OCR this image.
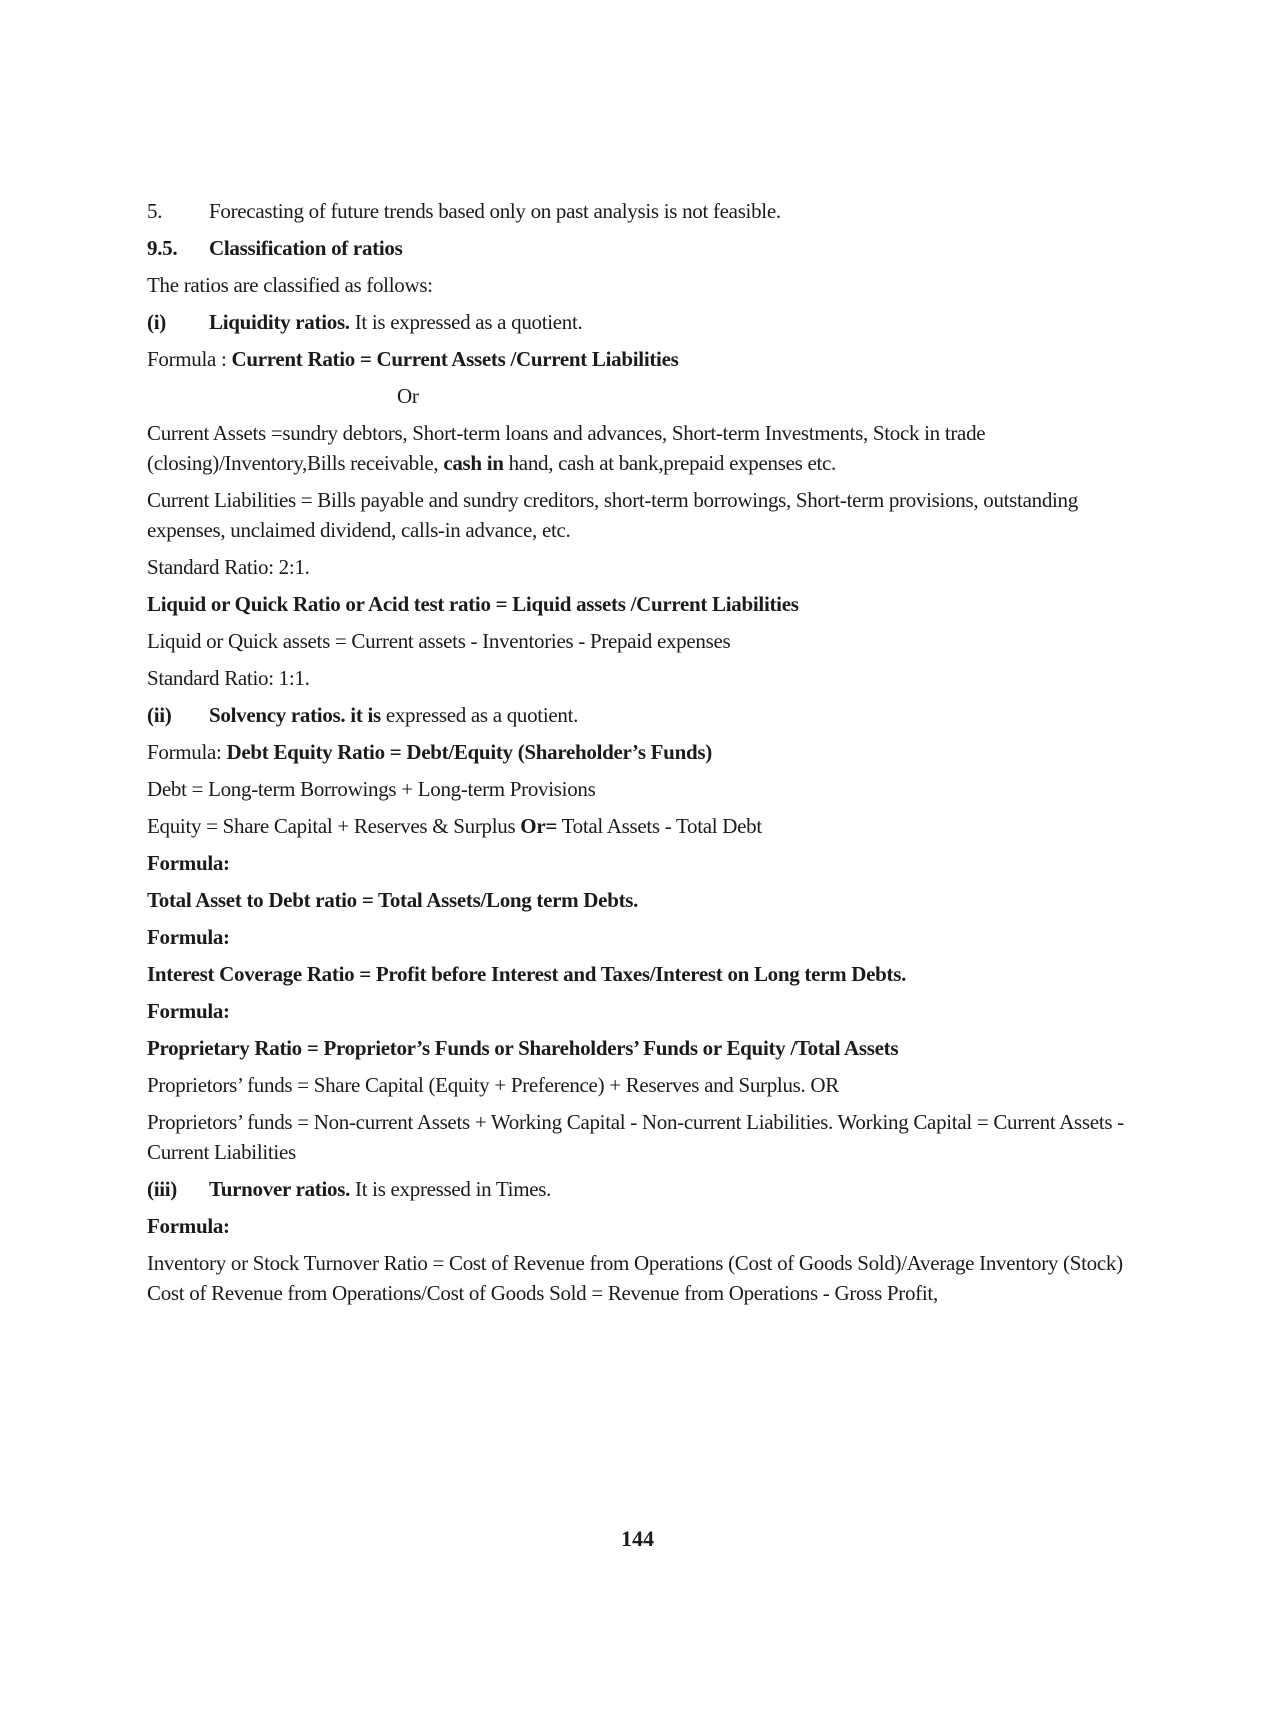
5.	Forecasting of future trends based only on past analysis is not feasible.
9.5.	Classification of ratios

The ratios are classified as follows:

(i)	Liquidity ratios. It is expressed as a quotient.

Formula : Current Ratio = Current Assets /Current Liabilities

Or

Current Assets =sundry debtors, Short-term loans and advances, Short-term Investments, Stock in trade (closing)/Inventory,Bills receivable, cash in hand, cash at bank,prepaid expenses etc.

Current Liabilities = Bills payable and sundry creditors, short-term borrowings, Short-term provisions, outstanding expenses, unclaimed dividend, calls-in advance, etc.

Standard Ratio: 2:1.

Liquid or Quick Ratio or Acid test ratio = Liquid assets /Current Liabilities

Liquid or Quick assets = Current assets - Inventories - Prepaid expenses

Standard Ratio: 1:1.

(ii)	Solvency ratios. it is expressed as a quotient.

Formula: Debt Equity Ratio = Debt/Equity (Shareholder’s Funds)

Debt = Long-term Borrowings + Long-term Provisions

Equity = Share Capital + Reserves & Surplus Or= Total Assets - Total Debt

Formula:

Total Asset to Debt ratio = Total Assets/Long term Debts.

Formula:

Interest Coverage Ratio = Profit before Interest and Taxes/Interest on Long term Debts.

Formula:

Proprietary Ratio = Proprietor’s Funds or Shareholders’ Funds or Equity /Total Assets

Proprietors’ funds = Share Capital (Equity + Preference) + Reserves and Surplus. OR

Proprietors’ funds = Non-current Assets + Working Capital - Non-current Liabilities. Working Capital = Current Assets - Current Liabilities

(iii)	Turnover ratios. It is expressed in Times.

Formula:

Inventory or Stock Turnover Ratio = Cost of Revenue from Operations (Cost of Goods Sold)/Average Inventory (Stock) Cost of Revenue from Operations/Cost of Goods Sold = Revenue from Operations - Gross Profit,

144
